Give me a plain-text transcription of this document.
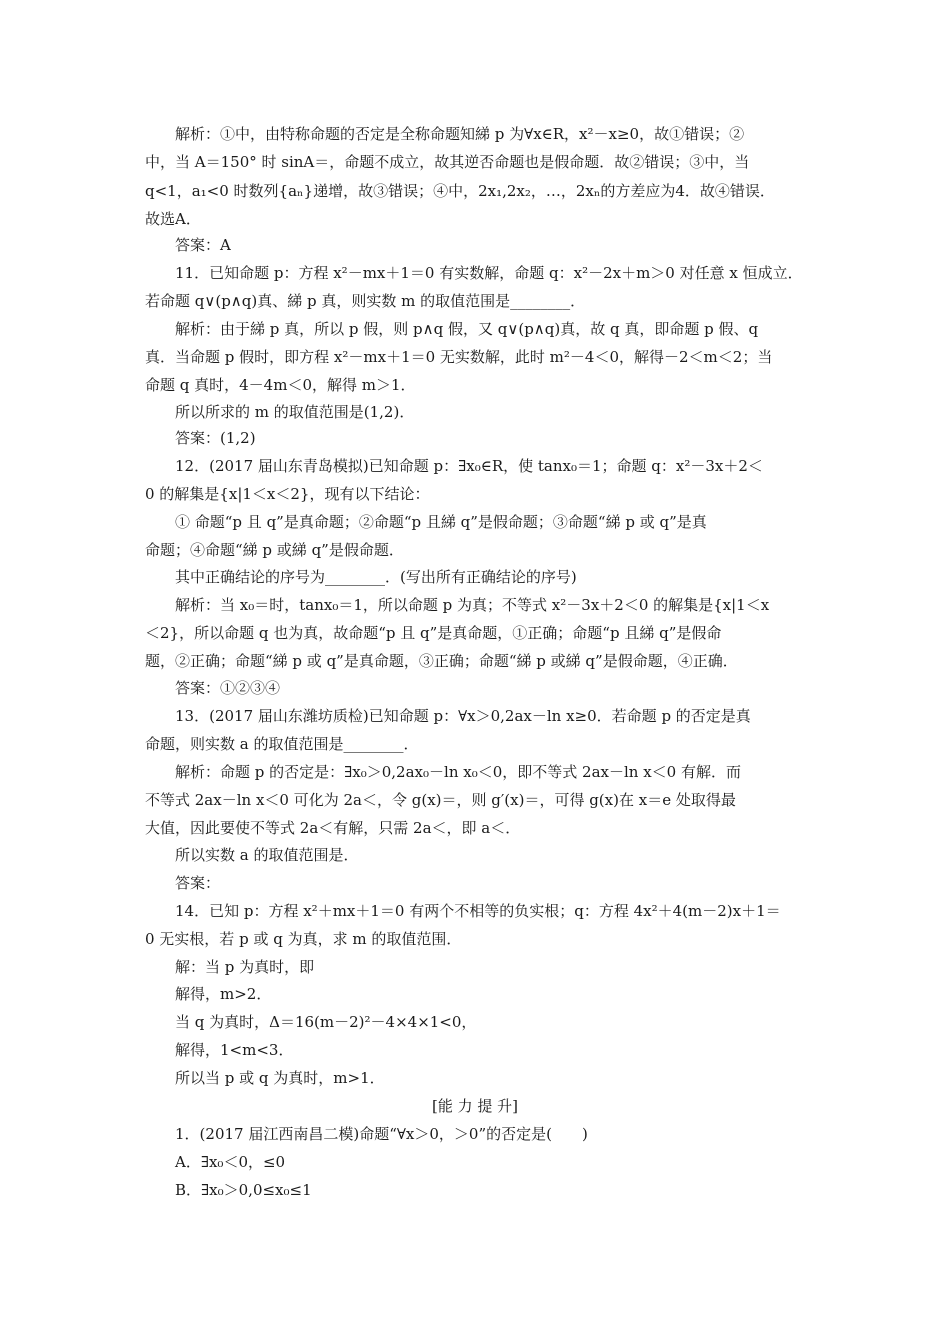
解析：①中，由特称命题的否定是全称命题知綈 p 为∀x∈R，x²－x≥0，故①错误；②
中，当 A＝150° 时 sinA＝，命题不成立，故其逆否命题也是假命题．故②错误；③中，当
q<1，a₁<0 时数列{aₙ}递增，故③错误；④中，2x₁,2x₂，…，2xₙ的方差应为4．故④错误．
故选A．
答案：A
11．已知命题 p：方程 x²－mx＋1＝0 有实数解，命题 q：x²－2x＋m＞0 对任意 x 恒成立．
若命题 q∨(p∧q)真、綈 p 真，则实数 m 的取值范围是________．
解析：由于綈 p 真，所以 p 假，则 p∧q 假，又 q∨(p∧q)真，故 q 真，即命题 p 假、q
真．当命题 p 假时，即方程 x²－mx＋1＝0 无实数解，此时 m²－4＜0，解得－2＜m＜2；当
命题 q 真时，4－4m＜0，解得 m＞1．
所以所求的 m 的取值范围是(1,2)．
答案：(1,2)
12．(2017 届山东青岛模拟)已知命题 p：∃x₀∈R，使 tanx₀＝1；命题 q：x²－3x＋2＜
0 的解集是{x|1＜x＜2}，现有以下结论：
① 命题“p 且 q”是真命题；②命题“p 且綈 q”是假命题；③命题“綈 p 或 q”是真
命题；④命题“綈 p 或綈 q”是假命题．
其中正确结论的序号为________．(写出所有正确结论的序号)
解析：当 x₀＝时，tanx₀＝1，所以命题 p 为真；不等式 x²－3x＋2＜0 的解集是{x|1＜x
＜2}，所以命题 q 也为真，故命题“p 且 q”是真命题，①正确；命题“p 且綈 q”是假命
题，②正确；命题“綈 p 或 q”是真命题，③正确；命题“綈 p 或綈 q”是假命题，④正确．
答案：①②③④
13．(2017 届山东潍坊质检)已知命题 p：∀x＞0,2ax－ln x≥0．若命题 p 的否定是真
命题，则实数 a 的取值范围是________．
解析：命题 p 的否定是：∃x₀＞0,2ax₀－ln x₀＜0，即不等式 2ax－ln x＜0 有解．而
不等式 2ax－ln x＜0 可化为 2a＜，令 g(x)＝，则 g′(x)＝，可得 g(x)在 x＝e 处取得最
大值，因此要使不等式 2a＜有解，只需 2a＜，即 a＜．
所以实数 a 的取值范围是．
答案：
14．已知 p：方程 x²＋mx＋1＝0 有两个不相等的负实根；q：方程 4x²＋4(m－2)x＋1＝
0 无实根，若 p 或 q 为真，求 m 的取值范围．
解：当 p 为真时，即
解得，m>2．
当 q 为真时，Δ＝16(m－2)²－4×4×1<0，
解得，1<m<3．
所以当 p 或 q 为真时，m>1．
[能 力 提 升]
1．(2017 届江西南昌二模)命题“∀x＞0，＞0”的否定是(　　)
A．∃x₀＜0，≤0
B．∃x₀＞0,0≤x₀≤1
